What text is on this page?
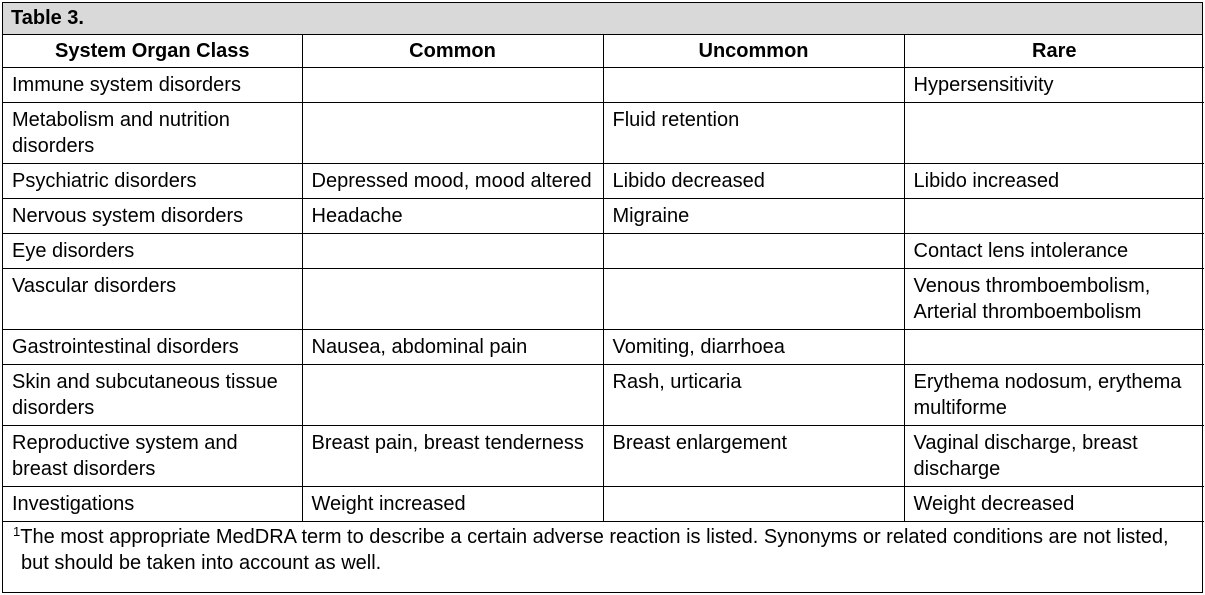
Table 3.
System Organ Class	Common	Uncommon	Rare
Immune system disorders			Hypersensitivity
Metabolism and nutrition disorders		Fluid retention	
Psychiatric disorders	Depressed mood, mood altered	Libido decreased	Libido increased
Nervous system disorders	Headache	Migraine	
Eye disorders			Contact lens intolerance
Vascular disorders			Venous thromboembolism, Arterial thromboembolism
Gastrointestinal disorders	Nausea, abdominal pain	Vomiting, diarrhoea	
Skin and subcutaneous tissue disorders		Rash, urticaria	Erythema nodosum, erythema multiforme
Reproductive system and breast disorders	Breast pain, breast tenderness	Breast enlargement	Vaginal discharge, breast discharge
Investigations	Weight increased		Weight decreased
$^1$The most appropriate MedDRA term to describe a certain adverse reaction is listed. Synonyms or related conditions are not listed, but should be taken into account as well.
